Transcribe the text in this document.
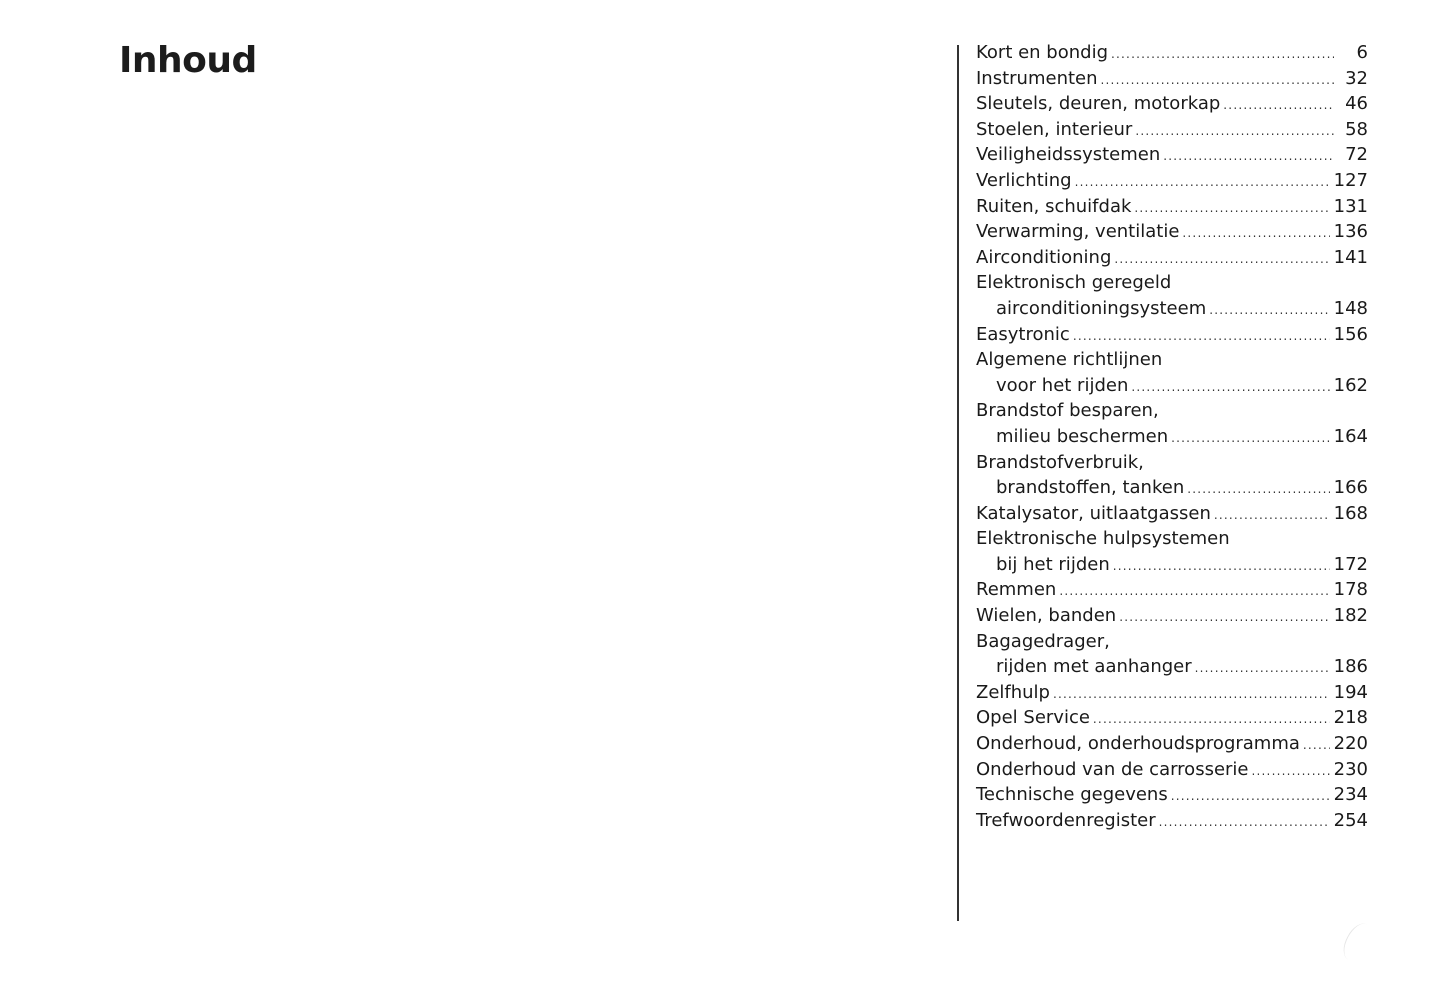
Inhoud	Kort en bondig .....	6
Instrumenten .....	32
Sleutels, deuren, motorkap .....	46
Stoelen, interieur .....	58
Veiligheidssystemen .....	72
Verlichting .....	127
Ruiten, schuifdak .....	131
Verwarming, ventilatie .....	136
Airconditioning .....	141
Elektronisch geregeld
airconditioningsysteem .....	148
Easytronic .....	156
Algemene richtlijnen
voor het rijden .....	162
Brandstof besparen,
milieu beschermen .....	164
Brandstofverbruik,
brandstoffen, tanken .....	166
Katalysator, uitlaatgassen .....	168
Elektronische hulpsystemen
bij het rijden .....	172
Remmen .....	178
Wielen, banden .....	182
Bagagedrager,
rijden met aanhanger .....	186
Zelfhulp .....	194
Opel Service .....	218
Onderhoud, onderhoudsprogramma ..... 220
Onderhoud van de carrosserie .....	230
Technische gegevens .....	234
Trefwoordenregister .....	254
